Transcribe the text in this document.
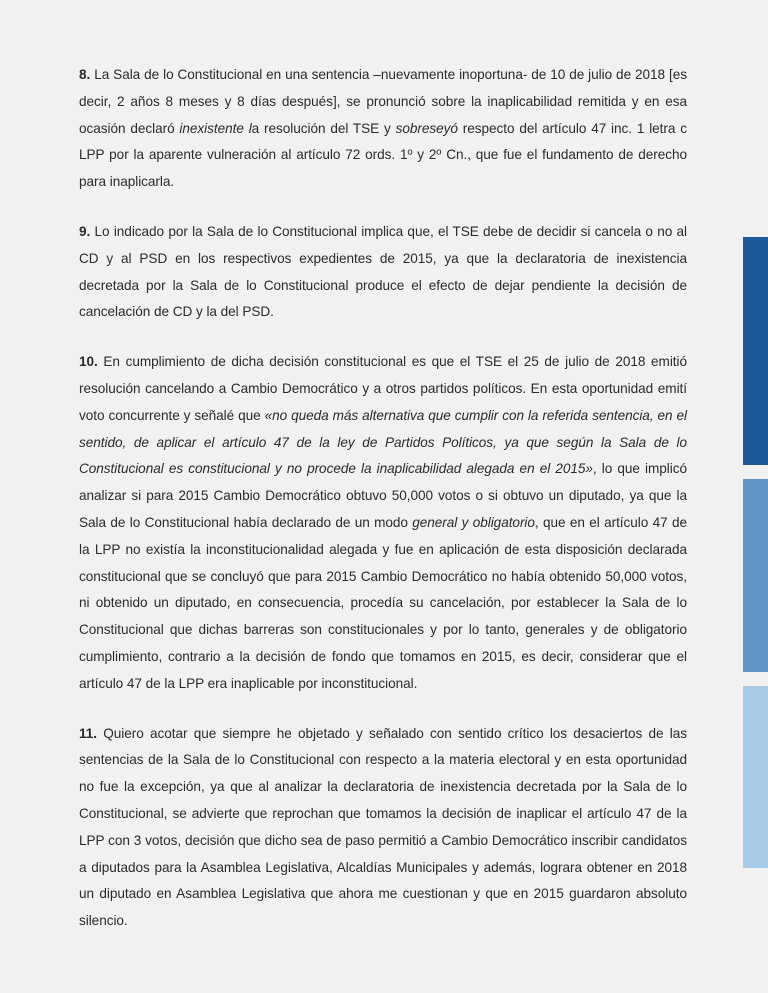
8. La Sala de lo Constitucional en una sentencia –nuevamente inoportuna- de 10 de julio de 2018 [es decir, 2 años 8 meses y 8 días después], se pronunció sobre la inaplicabilidad remitida y en esa ocasión declaró inexistente la resolución del TSE y sobreseyó respecto del artículo 47 inc. 1 letra c LPP por la aparente vulneración al artículo 72 ords. 1º y 2º Cn., que fue el fundamento de derecho para inaplicarla.

9. Lo indicado por la Sala de lo Constitucional implica que, el TSE debe de decidir si cancela o no al CD y al PSD en los respectivos expedientes de 2015, ya que la declaratoria de inexistencia decretada por la Sala de lo Constitucional produce el efecto de dejar pendiente la decisión de cancelación de CD y la del PSD.

10. En cumplimiento de dicha decisión constitucional es que el TSE el 25 de julio de 2018 emitió resolución cancelando a Cambio Democrático y a otros partidos políticos. En esta oportunidad emití voto concurrente y señalé que «no queda más alternativa que cumplir con la referida sentencia, en el sentido, de aplicar el artículo 47 de la ley de Partidos Políticos, ya que según la Sala de lo Constitucional es constitucional y no procede la inaplicabilidad alegada en el 2015», lo que implicó analizar si para 2015 Cambio Democrático obtuvo 50,000 votos o si obtuvo un diputado, ya que la Sala de lo Constitucional había declarado de un modo general y obligatorio, que en el artículo 47 de la LPP no existía la inconstitucionalidad alegada y fue en aplicación de esta disposición declarada constitucional que se concluyó que para 2015 Cambio Democrático no había obtenido 50,000 votos, ni obtenido un diputado, en consecuencia, procedía su cancelación, por establecer la Sala de lo Constitucional que dichas barreras son constitucionales y por lo tanto, generales y de obligatorio cumplimiento, contrario a la decisión de fondo que tomamos en 2015, es decir, considerar que el artículo 47 de la LPP era inaplicable por inconstitucional.

11. Quiero acotar que siempre he objetado y señalado con sentido crítico los desaciertos de las sentencias de la Sala de lo Constitucional con respecto a la materia electoral y en esta oportunidad no fue la excepción, ya que al analizar la declaratoria de inexistencia decretada por la Sala de lo Constitucional, se advierte que reprochan que tomamos la decisión de inaplicar el artículo 47 de la LPP con 3 votos, decisión que dicho sea de paso permitió a Cambio Democrático inscribir candidatos a diputados para la Asamblea Legislativa, Alcaldías Municipales y además, lograra obtener en 2018 un diputado en Asamblea Legislativa que ahora me cuestionan y que en 2015 guardaron absoluto silencio.
